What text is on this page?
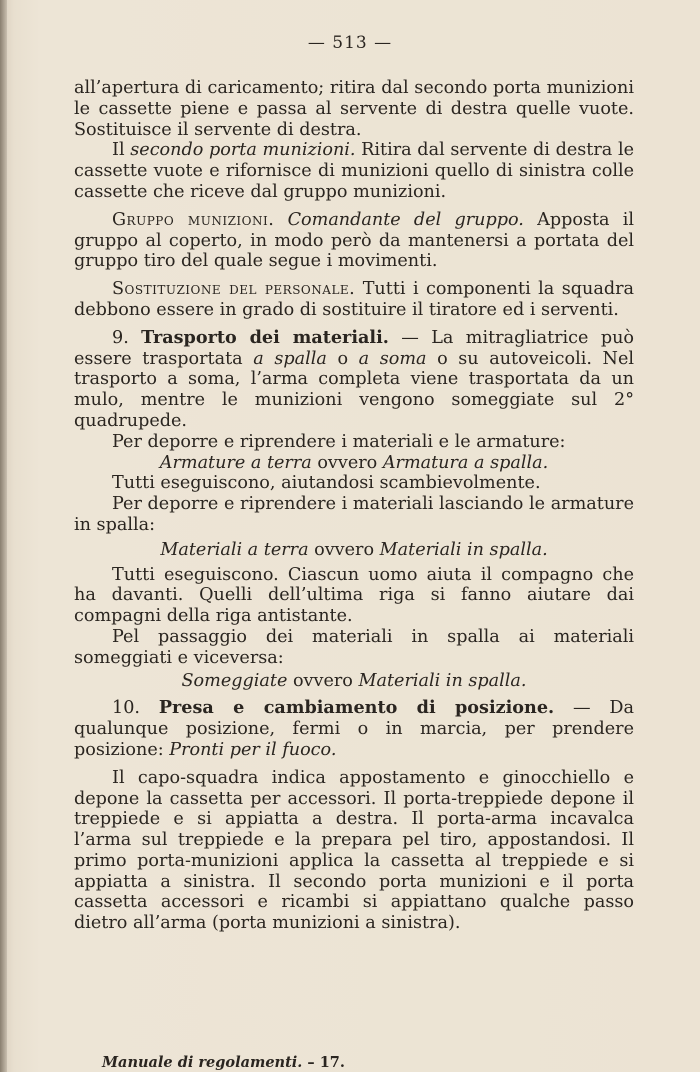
— 513 —

all’apertura di caricamento; ritira dal secondo porta munizioni le cassette piene e passa al servente di destra quelle vuote. Sostituisce il servente di destra.

Il secondo porta munizioni. Ritira dal servente di destra le cassette vuote e rifornisce di munizioni quello di sinistra colle cassette che riceve dal gruppo munizioni.

Gruppo munizioni. Comandante del gruppo. Apposta il gruppo al coperto, in modo però da mantenersi a portata del gruppo tiro del quale segue i movimenti.

Sostituzione del personale. Tutti i componenti la squadra debbono essere in grado di sostituire il tiratore ed i serventi.

9. Trasporto dei materiali. — La mitragliatrice può essere trasportata a spalla o a soma o su autoveicoli. Nel trasporto a soma, l’arma completa viene trasportata da un mulo, mentre le munizioni vengono someggiate sul 2° quadrupede.

Per deporre e riprendere i materiali e le armature:

Armature a terra ovvero Armatura a spalla.

Tutti eseguiscono, aiutandosi scambievolmente.

Per deporre e riprendere i materiali lasciando le armature in spalla:

Materiali a terra ovvero Materiali in spalla.

Tutti eseguiscono. Ciascun uomo aiuta il compagno che ha davanti. Quelli dell’ultima riga si fanno aiutare dai compagni della riga antistante.

Pel passaggio dei materiali in spalla ai materiali someggiati e viceversa:

Someggiate ovvero Materiali in spalla.

10. Presa e cambiamento di posizione. — Da qualunque posizione, fermi o in marcia, per prendere posizione: Pronti per il fuoco.

Il capo-squadra indica appostamento e ginocchiello e depone la cassetta per accessori. Il porta-treppiede depone il treppiede e si appiatta a destra. Il porta-arma incavalca l’arma sul treppiede e la prepara pel tiro, appostandosi. Il primo porta-munizioni applica la cassetta al treppiede e si appiatta a sinistra. Il secondo porta munizioni e il porta cassetta accessori e ricambi si appiattano qualche passo dietro all’arma (porta munizioni a sinistra).

Manuale di regolamenti. – 17.
